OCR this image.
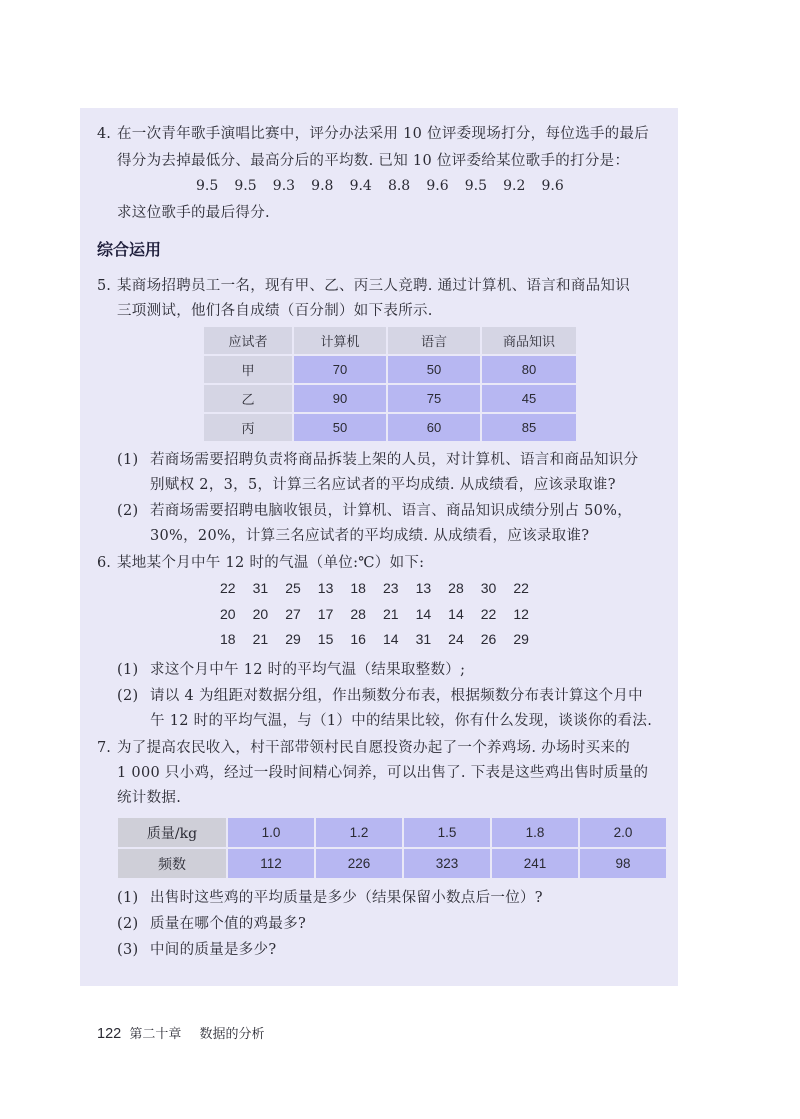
4. 在一次青年歌手演唱比赛中，评分办法采用 10 位评委现场打分，每位选手的最后
得分为去掉最低分、最高分后的平均数. 已知 10 位评委给某位歌手的打分是：
9.5 9.5 9.3 9.8 9.4 8.8 9.6 9.5 9.2 9.6
求这位歌手的最后得分.
综合运用
5. 某商场招聘员工一名，现有甲、乙、丙三人竞聘. 通过计算机、语言和商品知识
三项测试，他们各自成绩（百分制）如下表所示.
应试者	计算机	语言	商品知识
甲	70	50	80
乙	90	75	45
丙	50	60	85
(1) 若商场需要招聘负责将商品拆装上架的人员，对计算机、语言和商品知识分
别赋权 2，3，5，计算三名应试者的平均成绩. 从成绩看，应该录取谁?
(2) 若商场需要招聘电脑收银员，计算机、语言、商品知识成绩分别占 50%，
30%，20%，计算三名应试者的平均成绩. 从成绩看，应该录取谁?
6. 某地某个月中午 12 时的气温（单位:℃）如下:
22 31 25 13 18 23 13 28 30 22
20 20 27 17 28 21 14 14 22 12
18 21 29 15 16 14 31 24 26 29
(1) 求这个月中午 12 时的平均气温（结果取整数）;
(2) 请以 4 为组距对数据分组，作出频数分布表，根据频数分布表计算这个月中
午 12 时的平均气温，与（1）中的结果比较，你有什么发现，谈谈你的看法.
7. 为了提高农民收入，村干部带领村民自愿投资办起了一个养鸡场. 办场时买来的
1 000 只小鸡，经过一段时间精心饲养，可以出售了. 下表是这些鸡出售时质量的
统计数据.
质量/kg	1.0	1.2	1.5	1.8	2.0
频数	112	226	323	241	98
(1) 出售时这些鸡的平均质量是多少（结果保留小数点后一位）?
(2) 质量在哪个值的鸡最多?
(3) 中间的质量是多少?
122 第二十章 数据的分析
